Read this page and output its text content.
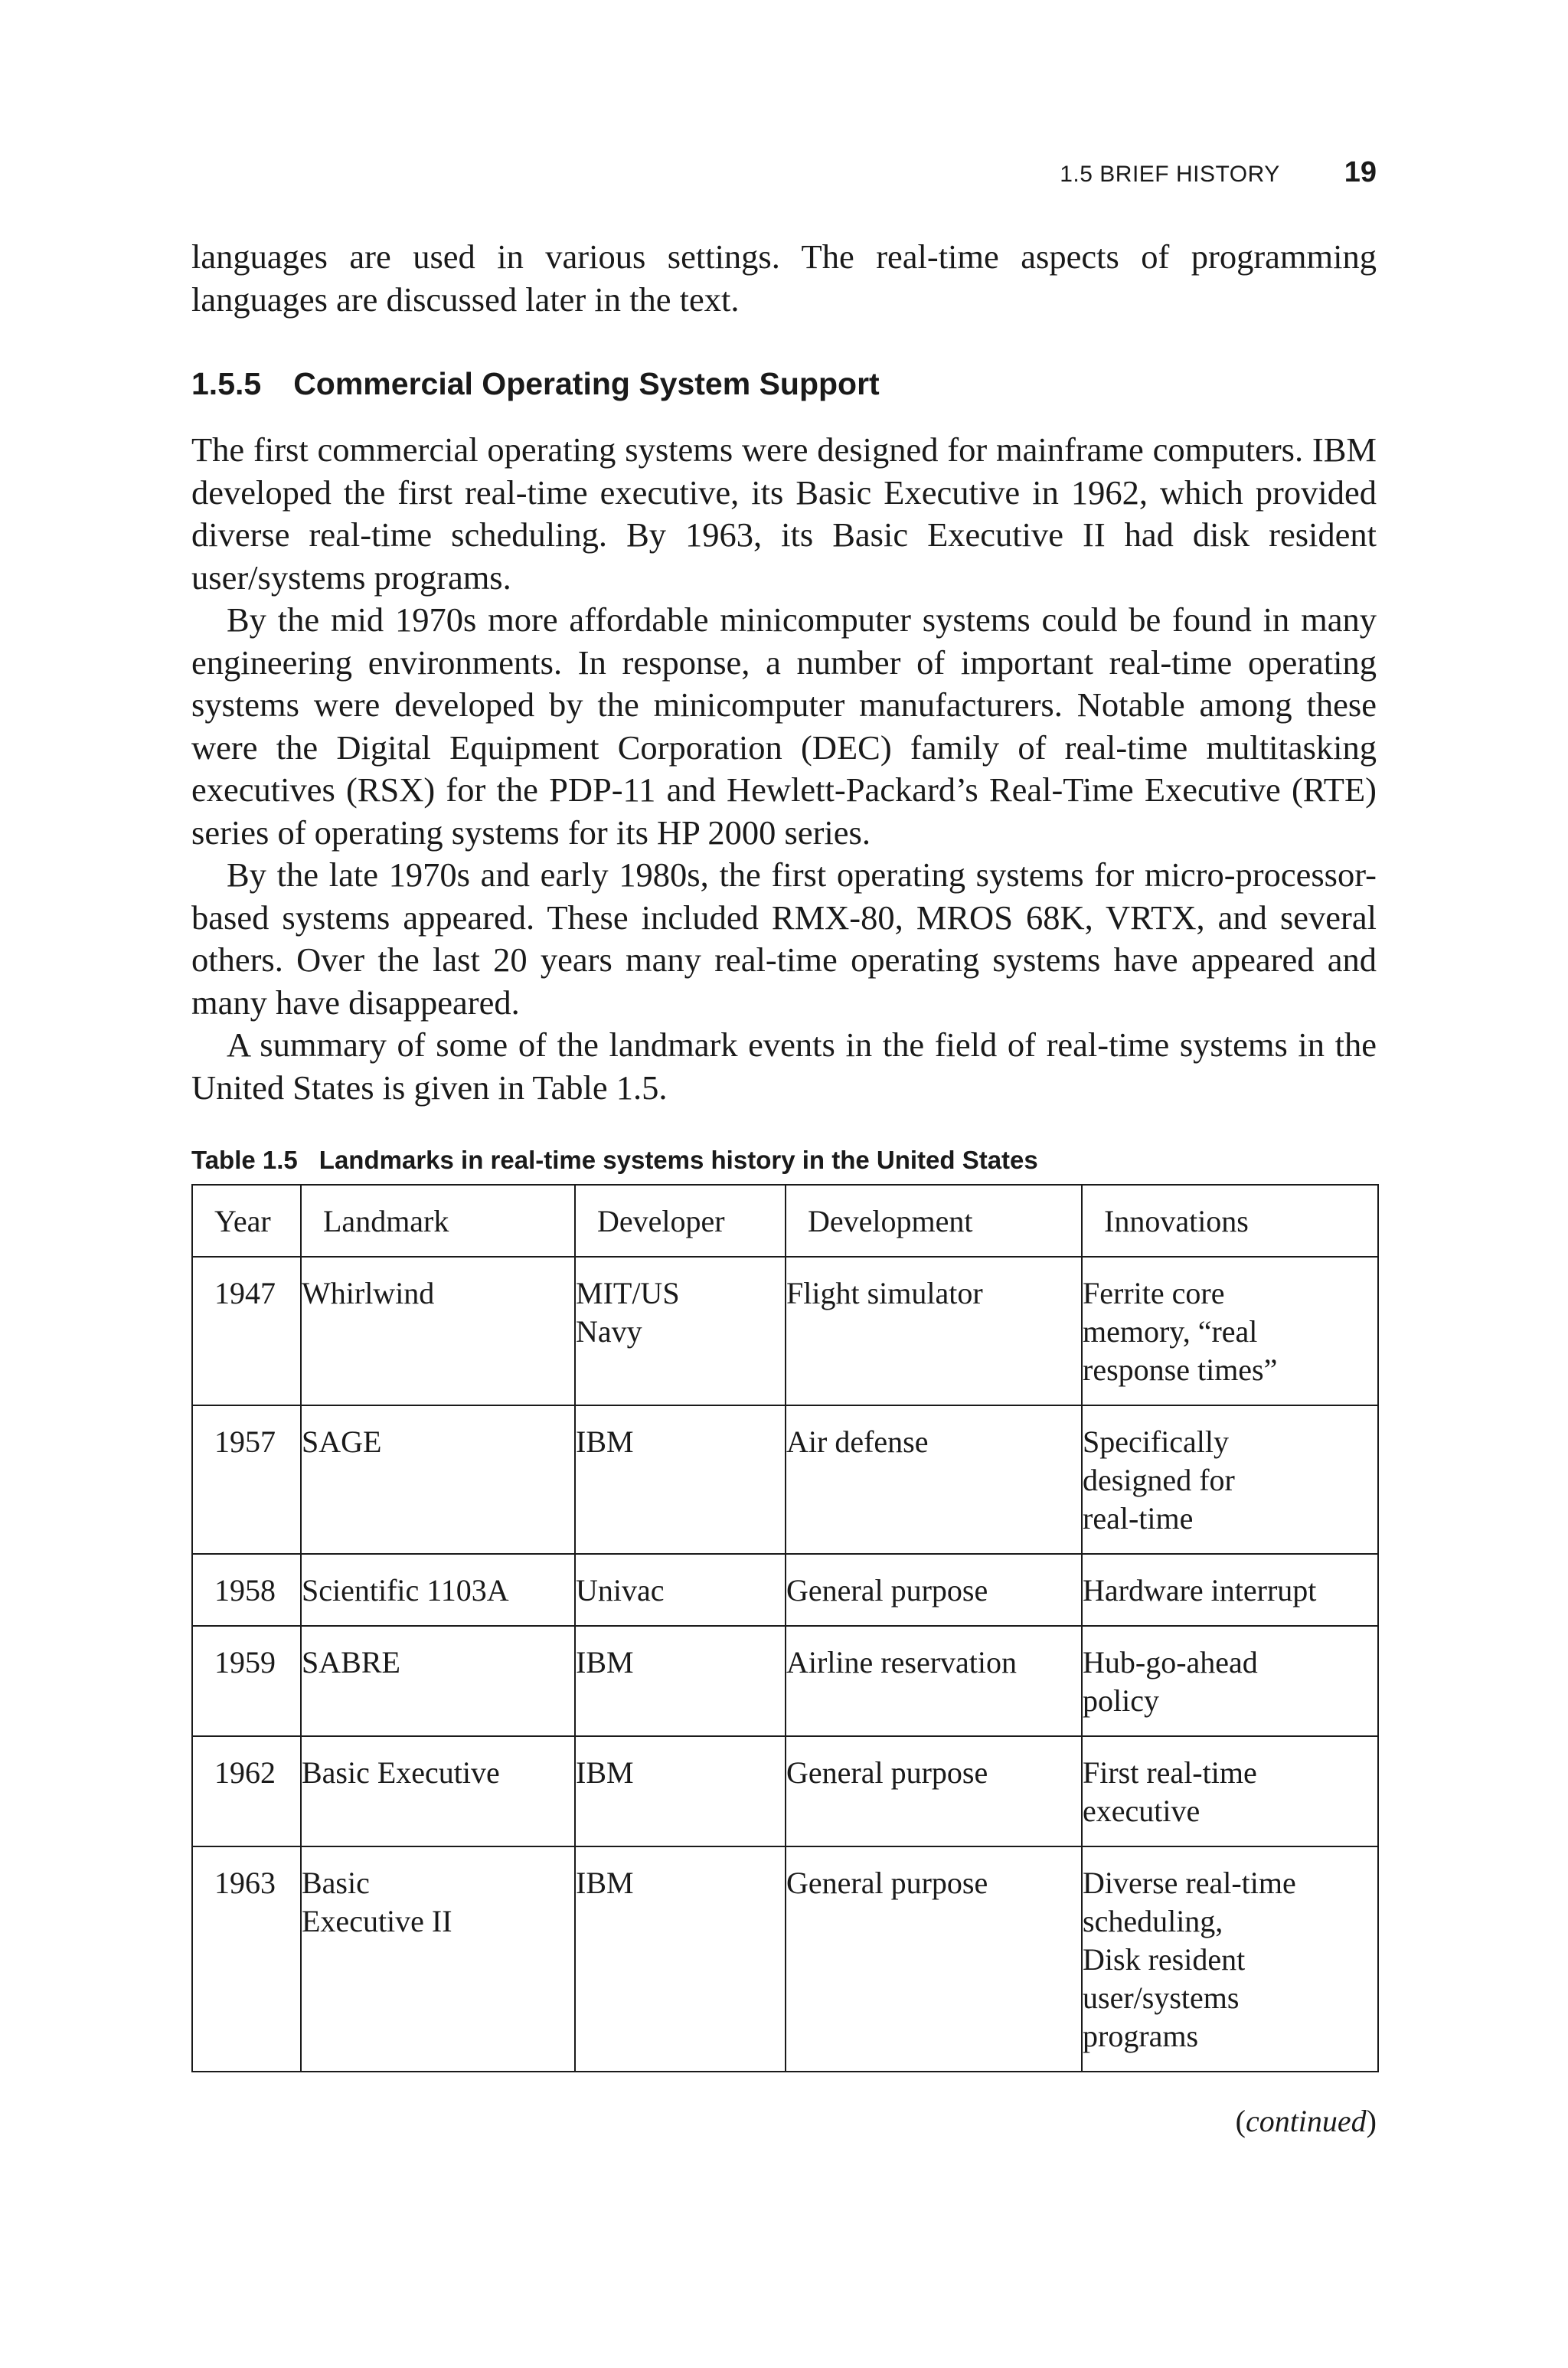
1.5 BRIEF HISTORY 19

languages are used in various settings. The real-time aspects of programming languages are discussed later in the text.

1.5.5 Commercial Operating System Support

The first commercial operating systems were designed for mainframe computers. IBM developed the first real-time executive, its Basic Executive in 1962, which provided diverse real-time scheduling. By 1963, its Basic Executive II had disk resident user/systems programs.

By the mid 1970s more affordable minicomputer systems could be found in many engineering environments. In response, a number of important real-time operating systems were developed by the minicomputer manufacturers. Notable among these were the Digital Equipment Corporation (DEC) family of real-time multitasking executives (RSX) for the PDP-11 and Hewlett-Packard’s Real-Time Executive (RTE) series of operating systems for its HP 2000 series.

By the late 1970s and early 1980s, the first operating systems for micro-processor-based systems appeared. These included RMX-80, MROS 68K, VRTX, and several others. Over the last 20 years many real-time operating systems have appeared and many have disappeared.

A summary of some of the landmark events in the field of real-time systems in the United States is given in Table 1.5.

Table 1.5 Landmarks in real-time systems history in the United States
Year	Landmark	Developer	Development	Innovations
1947	Whirlwind	MIT/US
Navy	Flight simulator	Ferrite core
memory, “real
response times”

1957	SAGE	IBM	Air defense	Specifically
designed for
real-time

1958	Scientific 1103A	Univac	General purpose	Hardware interrupt

1959	SABRE	IBM	Airline reservation	Hub-go-ahead
policy

1962	Basic Executive	IBM	General purpose	First real-time
executive

1963	Basic
Executive II	IBM	General purpose	Diverse real-time
scheduling,
Disk resident
user/systems
programs
(continued)
